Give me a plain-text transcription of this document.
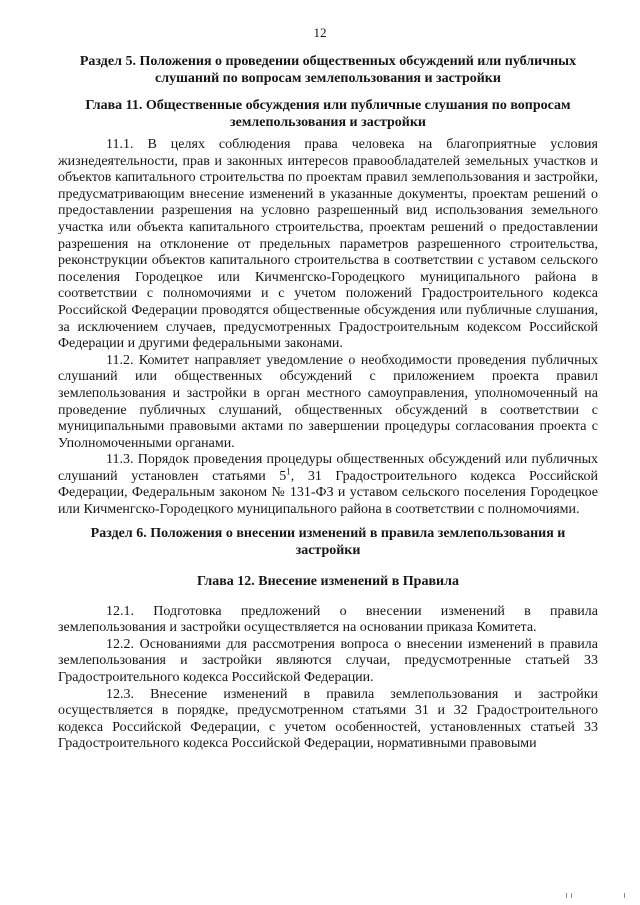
12

Раздел 5. Положения о проведении общественных обсуждений или публичных слушаний по вопросам землепользования и застройки

Глава 11. Общественные обсуждения или публичные слушания по вопросам землепользования и застройки

11.1. В целях соблюдения права человека на благоприятные условия жизнедеятельности, прав и законных интересов правообладателей земельных участков и объектов капитального строительства по проектам правил землепользования и застройки, предусматривающим внесение изменений в указанные документы, проектам решений о предоставлении разрешения на условно разрешенный вид использования земельного участка или объекта капитального строительства, проектам решений о предоставлении разрешения на отклонение от предельных параметров разрешенного строительства, реконструкции объектов капитального строительства в соответствии с уставом сельского поселения Городецкое или Кичменгско-Городецкого муниципального района в соответствии с полномочиями и с учетом положений Градостроительного кодекса Российской Федерации проводятся общественные обсуждения или публичные слушания, за исключением случаев, предусмотренных Градостроительным кодексом Российской Федерации и другими федеральными законами.

11.2. Комитет направляет уведомление о необходимости проведения публичных слушаний или общественных обсуждений с приложением проекта правил землепользования и застройки в орган местного самоуправления, уполномоченный на проведение публичных слушаний, общественных обсуждений в соответствии с муниципальными правовыми актами по завершении процедуры согласования проекта с Уполномоченными органами.

11.3. Порядок проведения процедуры общественных обсуждений или публичных слушаний установлен статьями $5^1$, 31 Градостроительного кодекса Российской Федерации, Федеральным законом № 131-ФЗ и уставом сельского поселения Городецкое или Кичменгско-Городецкого муниципального района в соответствии с полномочиями.

Раздел 6. Положения о внесении изменений в правила землепользования и застройки

Глава 12. Внесение изменений в Правила

12.1. Подготовка предложений о внесении изменений в правила землепользования и застройки осуществляется на основании приказа Комитета.

12.2. Основаниями для рассмотрения вопроса о внесении изменений в правила землепользования и застройки являются случаи, предусмотренные статьей 33 Градостроительного кодекса Российской Федерации.

12.3. Внесение изменений в правила землепользования и застройки осуществляется в порядке, предусмотренном статьями 31 и 32 Градостроительного кодекса Российской Федерации, с учетом особенностей, установленных статьей 33 Градостроительного кодекса Российской Федерации, нормативными правовыми
